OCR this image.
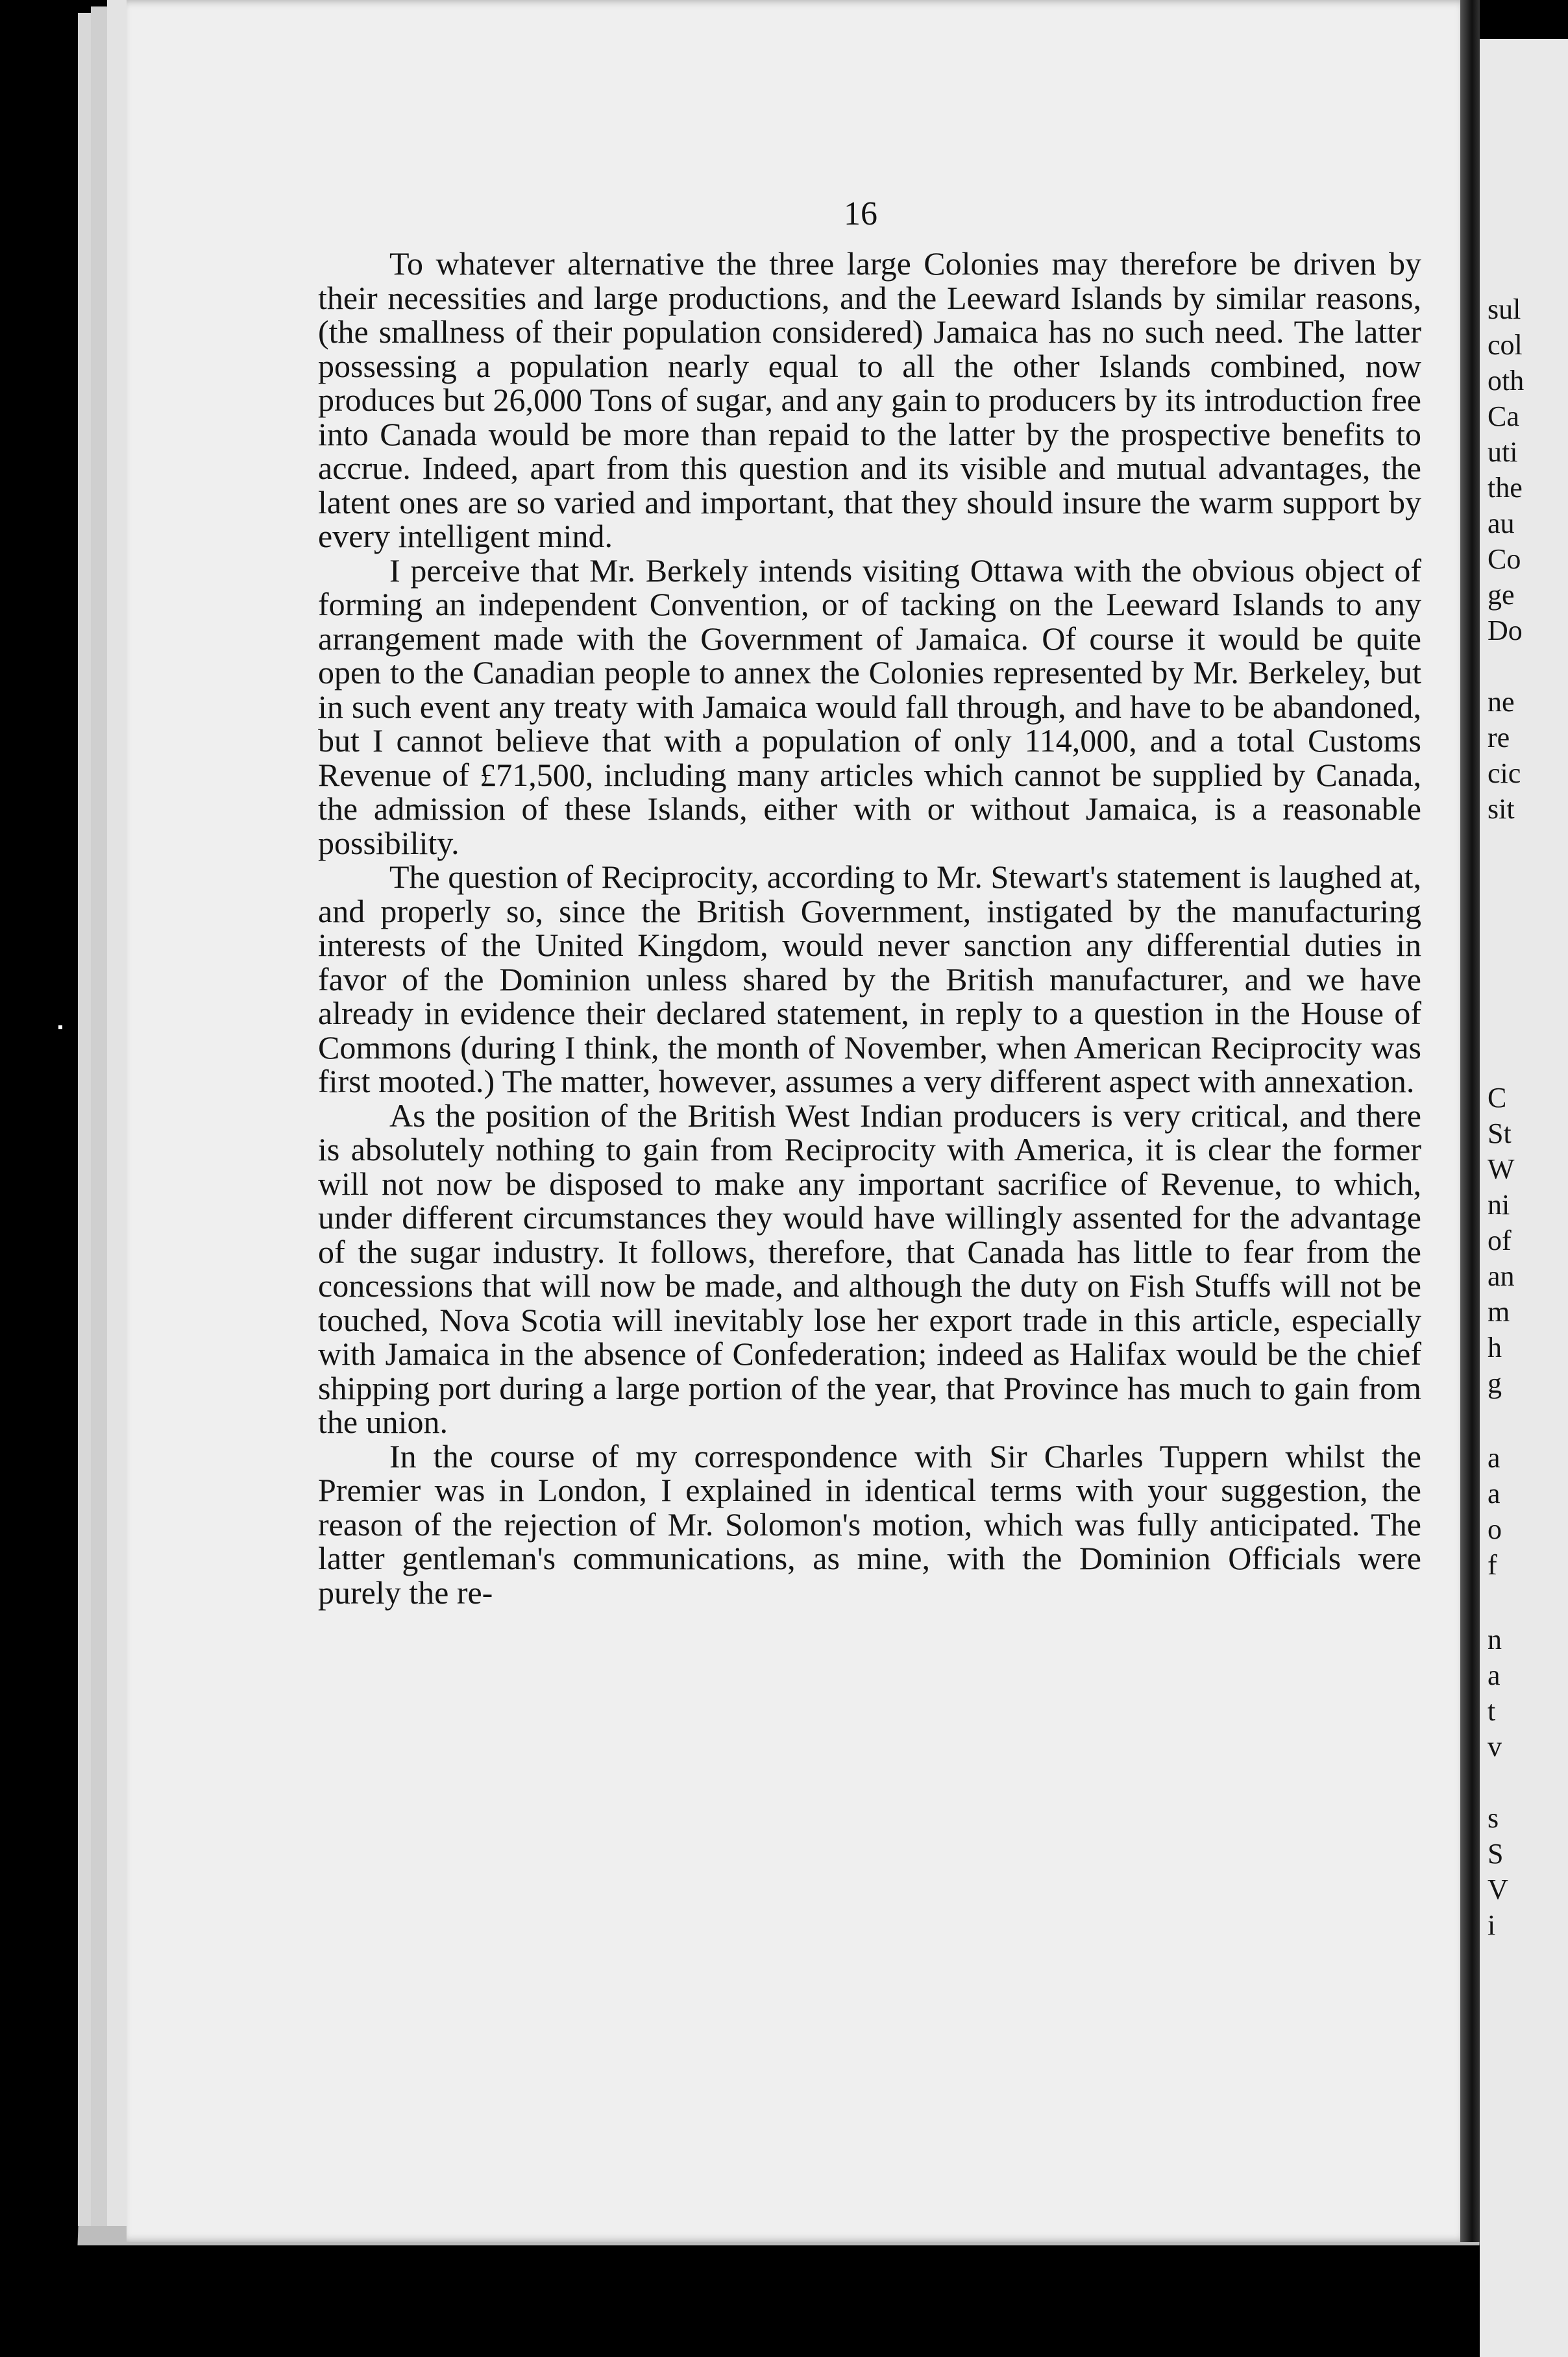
16

To whatever alternative the three large Colonies may therefore be driven by their necessities and large productions, and the Leeward Islands by similar reasons, (the smallness of their population considered) Jamaica has no such need. The latter possessing a population nearly equal to all the other Islands combined, now produces but 26,000 Tons of sugar, and any gain to producers by its introduction free into Canada would be more than repaid to the latter by the prospective benefits to accrue. Indeed, apart from this question and its visible and mutual advantages, the latent ones are so varied and important, that they should insure the warm support by every intelligent mind.

I perceive that Mr. Berkely intends visiting Ottawa with the obvious object of forming an independent Convention, or of tacking on the Leeward Islands to any arrangement made with the Government of Jamaica. Of course it would be quite open to the Canadian people to annex the Colonies represented by Mr. Berkeley, but in such event any treaty with Jamaica would fall through, and have to be abandoned, but I cannot believe that with a population of only 114,000, and a total Customs Revenue of £71,500, including many articles which cannot be supplied by Canada, the admission of these Islands, either with or without Jamaica, is a reasonable possibility.

The question of Reciprocity, according to Mr. Stewart's statement is laughed at, and properly so, since the British Government, instigated by the manufacturing interests of the United Kingdom, would never sanction any differential duties in favor of the Dominion unless shared by the British manufacturer, and we have already in evidence their declared statement, in reply to a question in the House of Commons (during I think, the month of November, when American Reciprocity was first mooted.) The matter, however, assumes a very different aspect with annexation.

As the position of the British West Indian producers is very critical, and there is absolutely nothing to gain from Reciprocity with America, it is clear the former will not now be disposed to make any important sacrifice of Revenue, to which, under different circumstances they would have willingly assented for the advantage of the sugar industry. It follows, therefore, that Canada has little to fear from the concessions that will now be made, and although the duty on Fish Stuffs will not be touched, Nova Scotia will inevitably lose her export trade in this article, especially with Jamaica in the absence of Confederation; indeed as Halifax would be the chief shipping port during a large portion of the year, that Province has much to gain from the union.

In the course of my correspondence with Sir Charles Tuppern whilst the Premier was in London, I explained in identical terms with your suggestion, the reason of the rejection of Mr. Solomon's motion, which was fully anticipated. The latter gentleman's communications, as mine, with the Dominion Officials were purely the re-

sul
col
oth
Ca
uti
the
au
Co
ge
Do
ne
re
cic
sit
C
St
W
ni
of
an
m
h
g
a
a
o
f
n
a
t
v
s
S
V
i
